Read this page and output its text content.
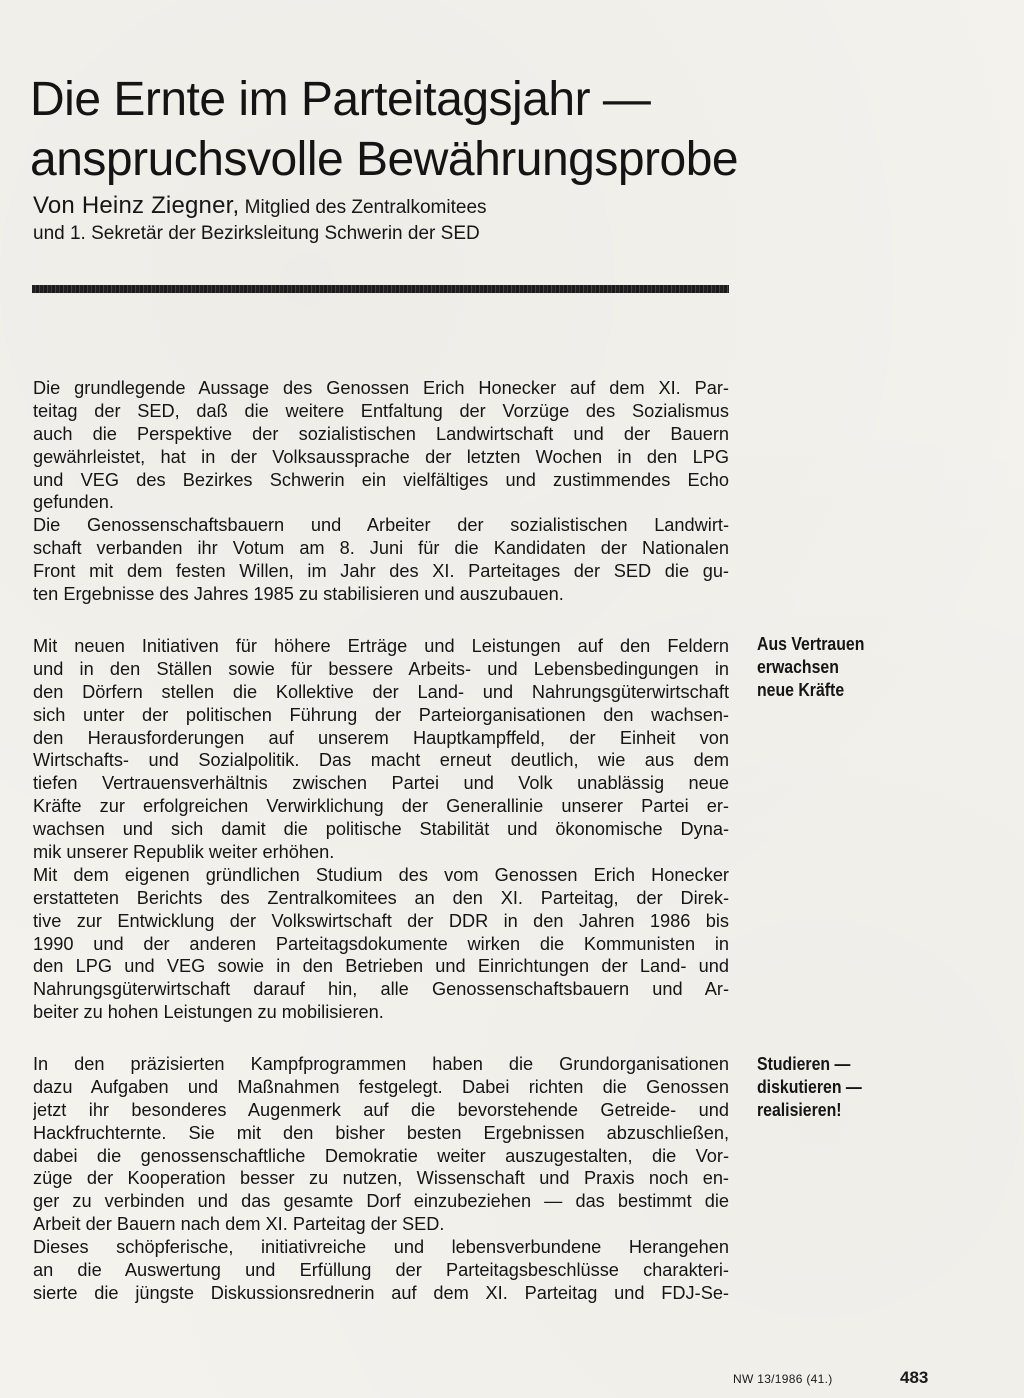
Die Ernte im Parteitagsjahr —
anspruchsvolle Bewährungsprobe
Von Heinz Ziegner, Mitglied des Zentralkomitees
und 1. Sekretär der Bezirksleitung Schwerin der SED

Die grundlegende Aussage des Genossen Erich Honecker auf dem XI. Par-
teitag der SED, daß die weitere Entfaltung der Vorzüge des Sozialismus
auch die Perspektive der sozialistischen Landwirtschaft und der Bauern
gewährleistet, hat in der Volksaussprache der letzten Wochen in den LPG
und VEG des Bezirkes Schwerin ein vielfältiges und zustimmendes Echo
gefunden.
Die Genossenschaftsbauern und Arbeiter der sozialistischen Landwirt-
schaft verbanden ihr Votum am 8. Juni für die Kandidaten der Nationalen
Front mit dem festen Willen, im Jahr des XI. Parteitages der SED die gu-
ten Ergebnisse des Jahres 1985 zu stabilisieren und auszubauen.

Mit neuen Initiativen für höhere Erträge und Leistungen auf den Feldern
und in den Ställen sowie für bessere Arbeits- und Lebensbedingungen in
den Dörfern stellen die Kollektive der Land- und Nahrungsgüterwirtschaft
sich unter der politischen Führung der Parteiorganisationen den wachsen-
den Herausforderungen auf unserem Hauptkampffeld, der Einheit von
Wirtschafts- und Sozialpolitik. Das macht erneut deutlich, wie aus dem
tiefen Vertrauensverhältnis zwischen Partei und Volk unablässig neue
Kräfte zur erfolgreichen Verwirklichung der Generallinie unserer Partei er-
wachsen und sich damit die politische Stabilität und ökonomische Dyna-
mik unserer Republik weiter erhöhen.
Mit dem eigenen gründlichen Studium des vom Genossen Erich Honecker
erstatteten Berichts des Zentralkomitees an den XI. Parteitag, der Direk-
tive zur Entwicklung der Volkswirtschaft der DDR in den Jahren 1986 bis
1990 und der anderen Parteitagsdokumente wirken die Kommunisten in
den LPG und VEG sowie in den Betrieben und Einrichtungen der Land- und
Nahrungsgüterwirtschaft darauf hin, alle Genossenschaftsbauern und Ar-
beiter zu hohen Leistungen zu mobilisieren.

In den präzisierten Kampfprogrammen haben die Grundorganisationen
dazu Aufgaben und Maßnahmen festgelegt. Dabei richten die Genossen
jetzt ihr besonderes Augenmerk auf die bevorstehende Getreide- und
Hackfruchternte. Sie mit den bisher besten Ergebnissen abzuschließen,
dabei die genossenschaftliche Demokratie weiter auszugestalten, die Vor-
züge der Kooperation besser zu nutzen, Wissenschaft und Praxis noch en-
ger zu verbinden und das gesamte Dorf einzubeziehen — das bestimmt die
Arbeit der Bauern nach dem XI. Parteitag der SED.
Dieses schöpferische, initiativreiche und lebensverbundene Herangehen
an die Auswertung und Erfüllung der Parteitagsbeschlüsse charakteri-
sierte die jüngste Diskussionsrednerin auf dem XI. Parteitag und FDJ-Se-

Aus Vertrauen
erwachsen
neue Kräfte
Studieren —
diskutieren —
realisieren!
NW 13/1986 (41.)	483
